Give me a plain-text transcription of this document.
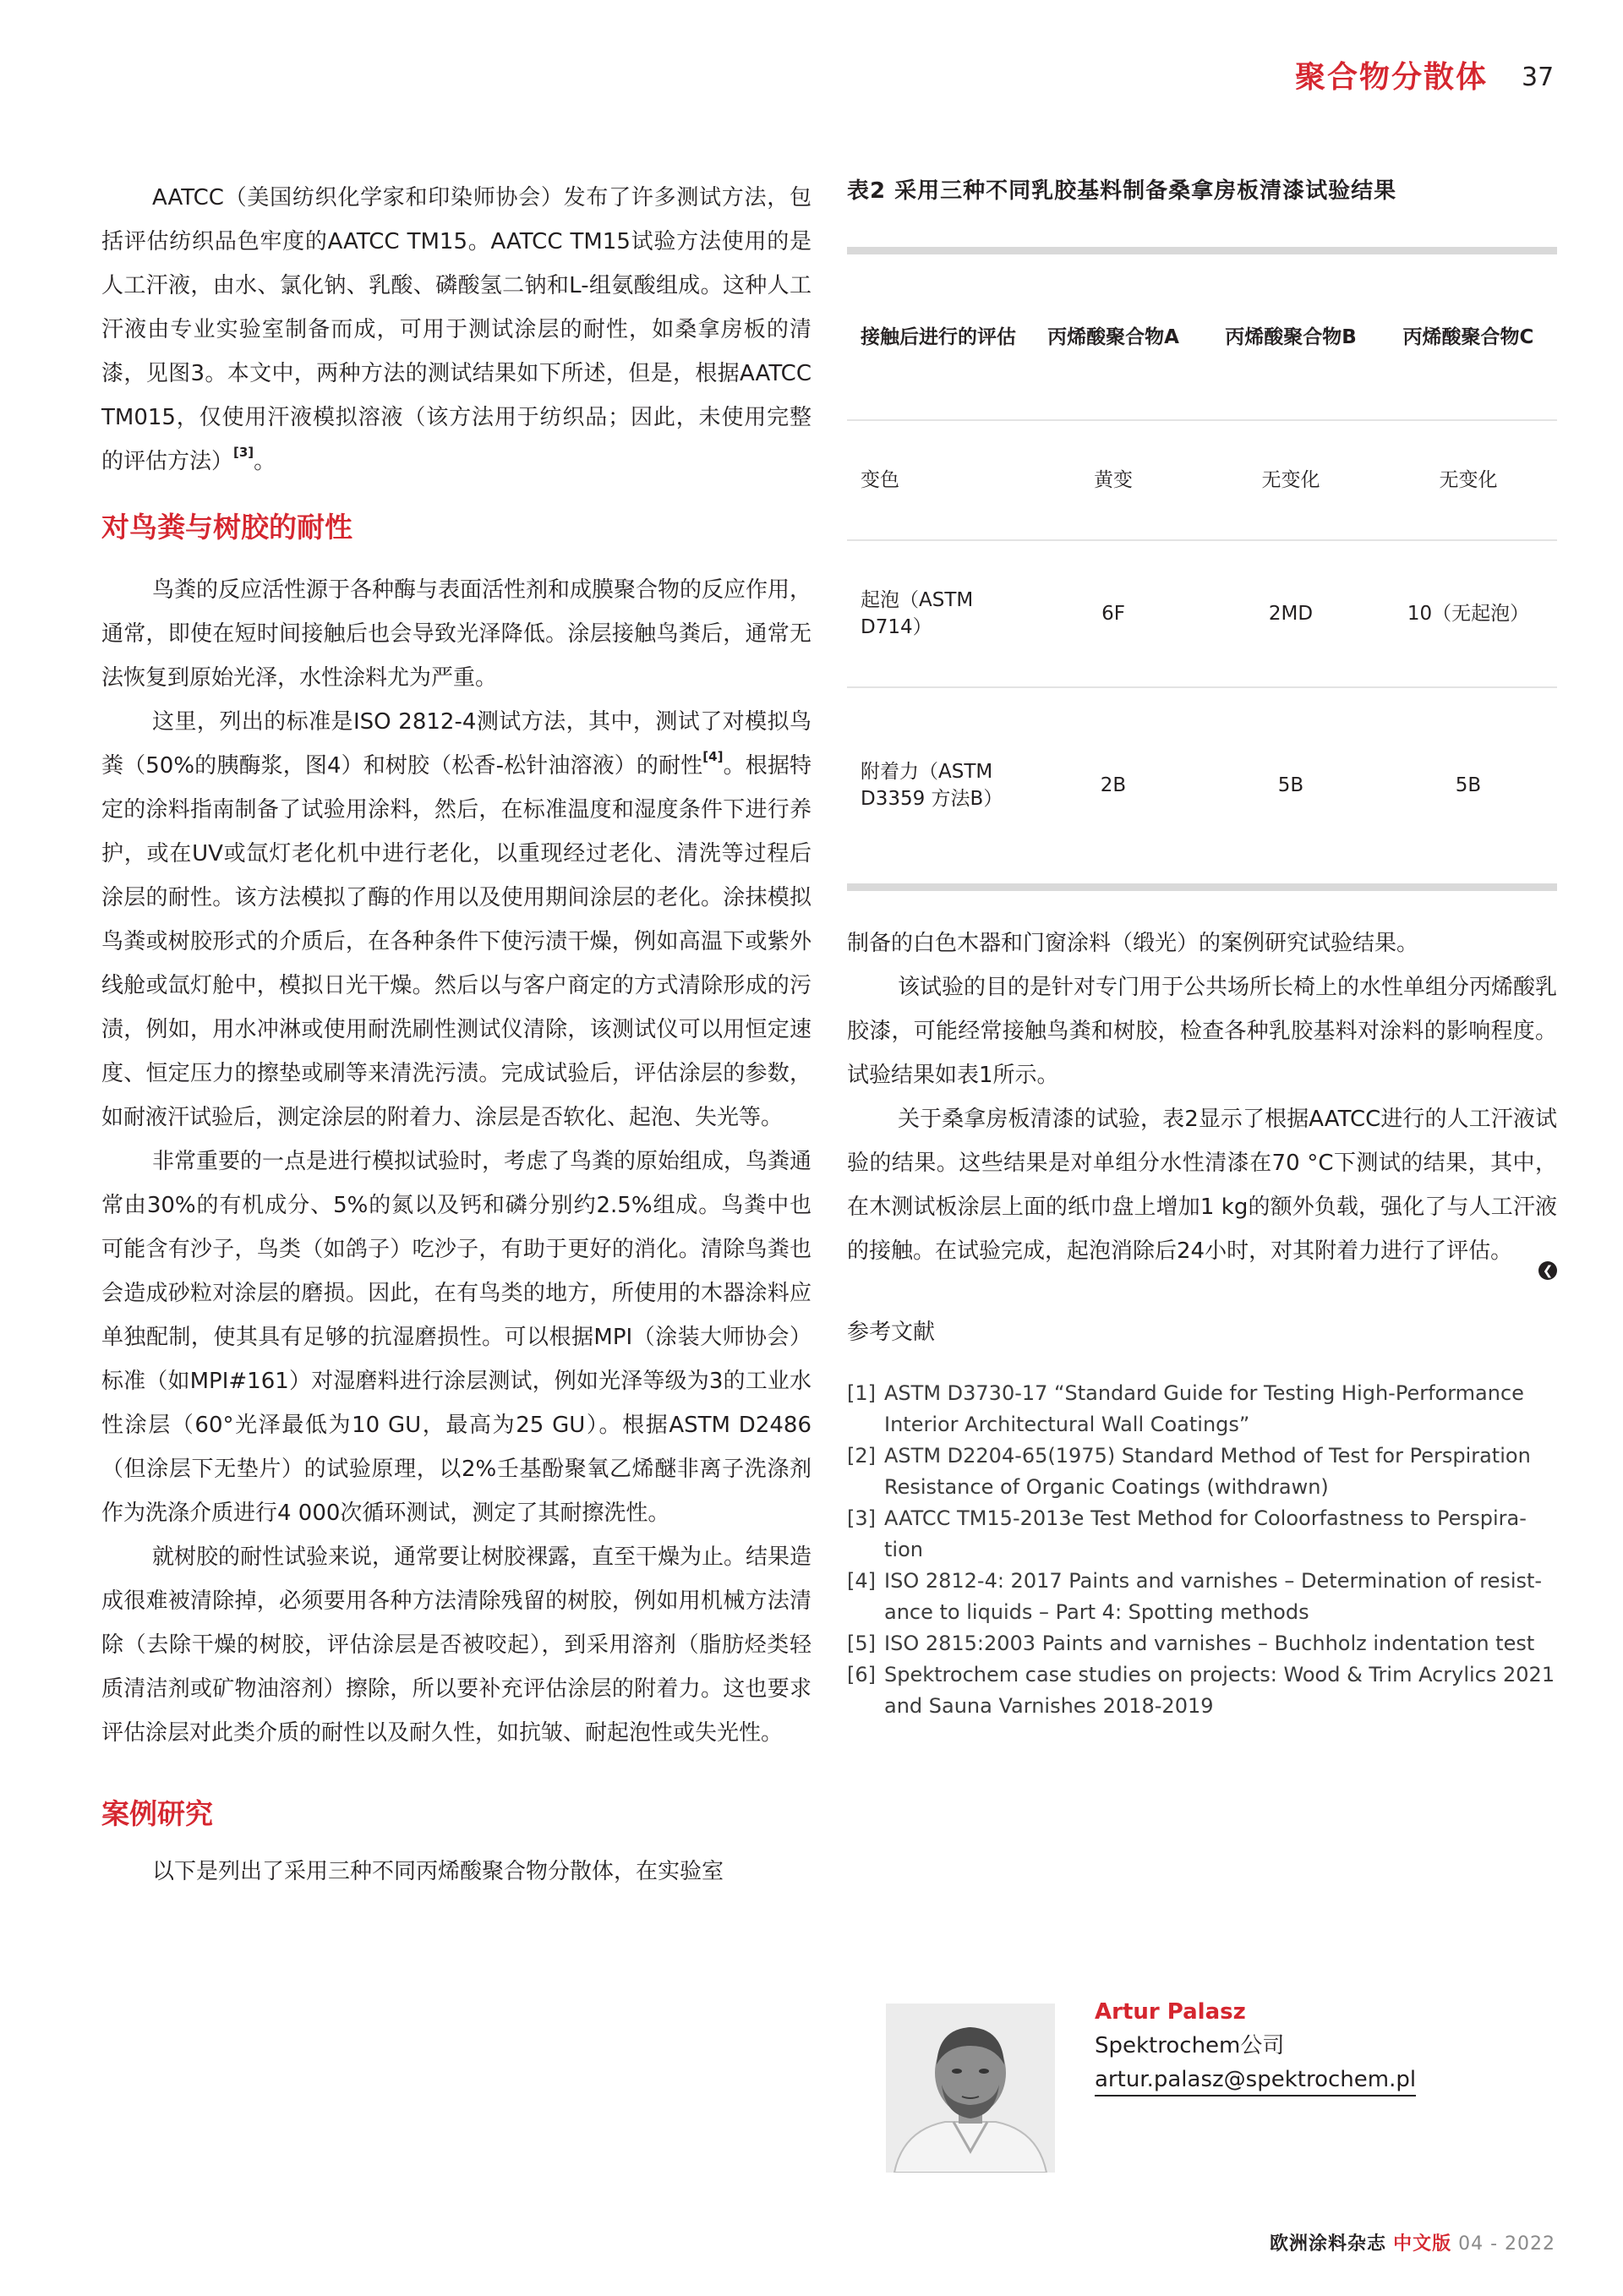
聚合物分散体 37

AATCC（美国纺织化学家和印染师协会）发布了许多测试方法，包括评估纺织品色牢度的AATCC TM15。AATCC TM15试验方法使用的是人工汗液，由水、氯化钠、乳酸、磷酸氢二钠和L-组氨酸组成。这种人工汗液由专业实验室制备而成，可用于测试涂层的耐性，如桑拿房板的清漆，见图3。本文中，两种方法的测试结果如下所述，但是，根据AATCC TM015，仅使用汗液模拟溶液（该方法用于纺织品；因此，未使用完整的评估方法）[3]。

对鸟粪与树胶的耐性

鸟粪的反应活性源于各种酶与表面活性剂和成膜聚合物的反应作用，通常，即使在短时间接触后也会导致光泽降低。涂层接触鸟粪后，通常无法恢复到原始光泽，水性涂料尤为严重。

这里，列出的标准是ISO 2812-4测试方法，其中，测试了对模拟鸟粪（50%的胰酶浆，图4）和树胶（松香-松针油溶液）的耐性[4]。根据特定的涂料指南制备了试验用涂料，然后，在标准温度和湿度条件下进行养护，或在UV或氙灯老化机中进行老化，以重现经过老化、清洗等过程后涂层的耐性。该方法模拟了酶的作用以及使用期间涂层的老化。涂抹模拟鸟粪或树胶形式的介质后，在各种条件下使污渍干燥，例如高温下或紫外线舱或氙灯舱中，模拟日光干燥。然后以与客户商定的方式清除形成的污渍，例如，用水冲淋或使用耐洗刷性测试仪清除，该测试仪可以用恒定速度、恒定压力的擦垫或刷等来清洗污渍。完成试验后，评估涂层的参数，如耐液汗试验后，测定涂层的附着力、涂层是否软化、起泡、失光等。

非常重要的一点是进行模拟试验时，考虑了鸟粪的原始组成，鸟粪通常由30%的有机成分、5%的氮以及钙和磷分别约2.5%组成。鸟粪中也可能含有沙子，鸟类（如鸽子）吃沙子，有助于更好的消化。清除鸟粪也会造成砂粒对涂层的磨损。因此，在有鸟类的地方，所使用的木器涂料应单独配制，使其具有足够的抗湿磨损性。可以根据MPI（涂装大师协会）标准（如MPI#161）对湿磨料进行涂层测试，例如光泽等级为3的工业水性涂层（60°光泽最低为10 GU，最高为25 GU）。根据ASTM D2486（但涂层下无垫片）的试验原理，以2%壬基酚聚氧乙烯醚非离子洗涤剂作为洗涤介质进行4 000次循环测试，测定了其耐擦洗性。

就树胶的耐性试验来说，通常要让树胶裸露，直至干燥为止。结果造成很难被清除掉，必须要用各种方法清除残留的树胶，例如用机械方法清除（去除干燥的树胶，评估涂层是否被咬起），到采用溶剂（脂肪烃类轻质清洁剂或矿物油溶剂）擦除，所以要补充评估涂层的附着力。这也要求评估涂层对此类介质的耐性以及耐久性，如抗皱、耐起泡性或失光性。

案例研究

以下是列出了采用三种不同丙烯酸聚合物分散体，在实验室

表2 采用三种不同乳胶基料制备桑拿房板清漆试验结果

接触后进行的评估	丙烯酸聚合物A	丙烯酸聚合物B	丙烯酸聚合物C
变色	黄变	无变化	无变化
起泡（ASTM D714）	6F	2MD	10（无起泡）
附着力（ASTM D3359 方法B）	2B	5B	5B

制备的白色木器和门窗涂料（缎光）的案例研究试验结果。

该试验的目的是针对专门用于公共场所长椅上的水性单组分丙烯酸乳胶漆，可能经常接触鸟粪和树胶，检查各种乳胶基料对涂料的影响程度。试验结果如表1所示。

关于桑拿房板清漆的试验，表2显示了根据AATCC进行的人工汗液试验的结果。这些结果是对单组分水性清漆在70 °C下测试的结果，其中，在木测试板涂层上面的纸巾盘上增加1 kg的额外负载，强化了与人工汗液的接触。在试验完成，起泡消除后24小时，对其附着力进行了评估。

❮

参考文献

[1] ASTM D3730-17 “Standard Guide for Testing High-Performance Interior Architectural Wall Coatings”
[2] ASTM D2204-65(1975) Standard Method of Test for Perspiration Resistance of Organic Coatings (withdrawn)
[3] AATCC TM15-2013e Test Method for Coloorfastness to Perspira-tion
[4] ISO 2812-4: 2017 Paints and varnishes – Determination of resist-ance to liquids – Part 4: Spotting methods
[5] ISO 2815:2003 Paints and varnishes – Buchholz indentation test
[6] Spektrochem case studies on projects: Wood & Trim Acrylics 2021 and Sauna Varnishes 2018-2019
Artur Palasz
Spektrochem公司
artur.palasz@spektrochem.pl
欧洲涂料杂志 中文版 04 - 2022
